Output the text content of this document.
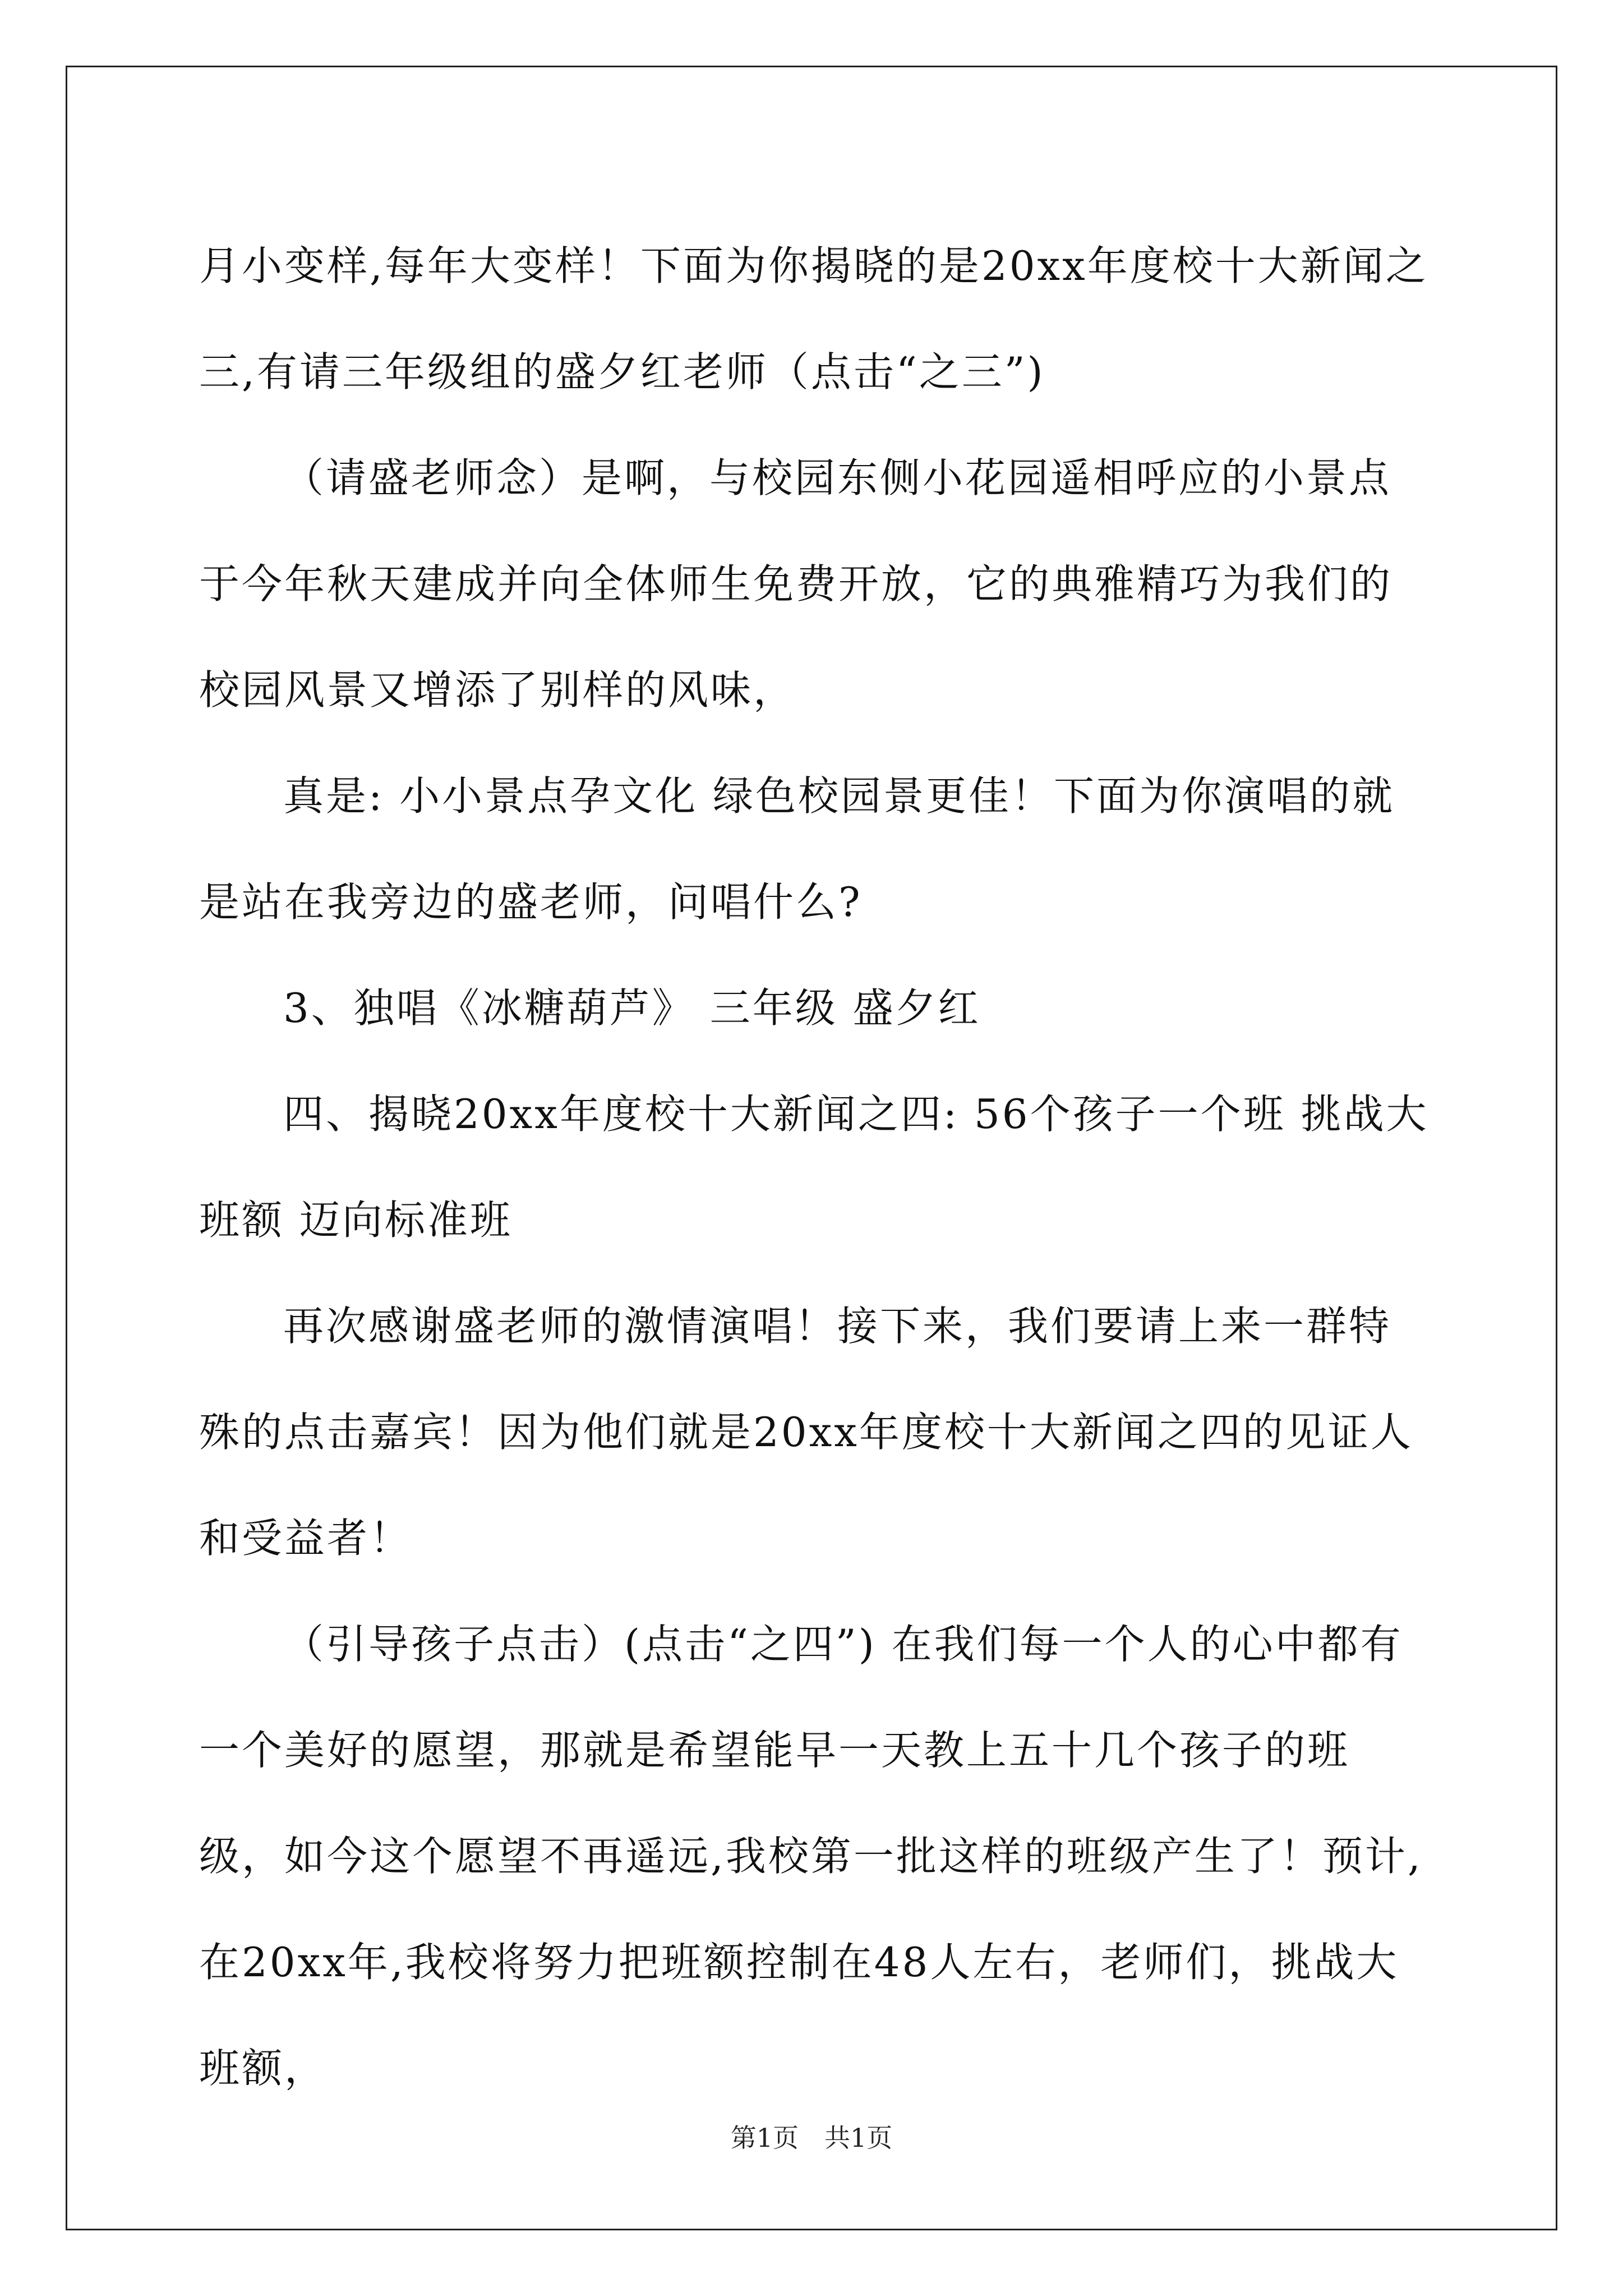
月小变样,每年大变样！下面为你揭晓的是20xx年度校十大新闻之三,有请三年级组的盛夕红老师（点击“之三”)

（请盛老师念）是啊，与校园东侧小花园遥相呼应的小景点于今年秋天建成并向全体师生免费开放，它的典雅精巧为我们的校园风景又增添了别样的风味，

真是: 小小景点孕文化 绿色校园景更佳！下面为你演唱的就是站在我旁边的盛老师，问唱什么?

3、独唱《冰糖葫芦》 三年级 盛夕红

四、揭晓20xx年度校十大新闻之四: 56个孩子一个班 挑战大班额 迈向标准班

再次感谢盛老师的激情演唱！接下来，我们要请上来一群特殊的点击嘉宾！因为他们就是20xx年度校十大新闻之四的见证人和受益者！

（引导孩子点击）(点击“之四”) 在我们每一个人的心中都有一个美好的愿望，那就是希望能早一天教上五十几个孩子的班级，如今这个愿望不再遥远,我校第一批这样的班级产生了！预计,在20xx年,我校将努力把班额控制在48人左右，老师们，挑战大班额，

第1页　共1页
